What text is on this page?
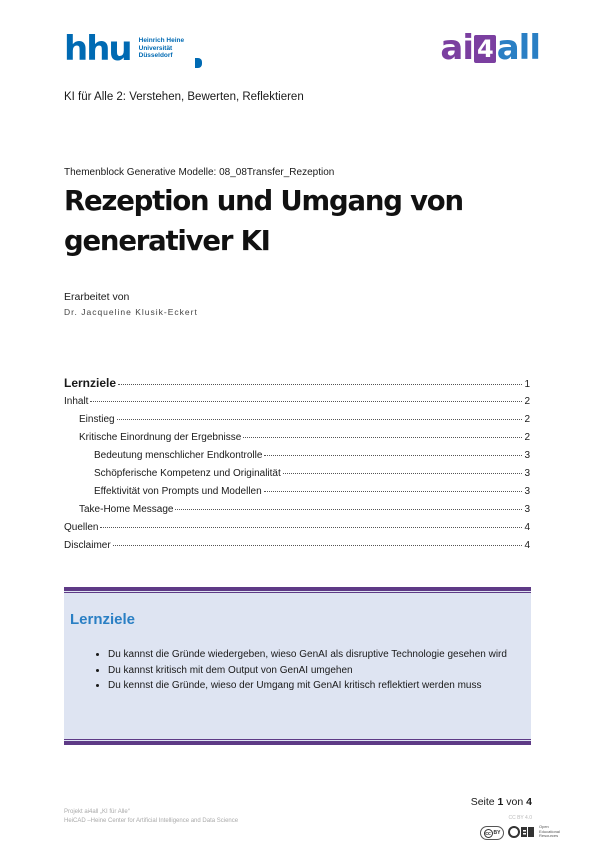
hhu Heinrich Heine
Universität
Düsseldorf	a i 4 all
KI für Alle 2: Verstehen, Bewerten, Reflektieren
Themenblock Generative Modelle: 08_08Transfer_Rezeption
Rezeption und Umgang von generativer KI
Erarbeitet von
Dr. Jacqueline Klusik-Eckert
Lernziele	1
Inhalt	2
Einstieg	2
Kritische Einordnung der Ergebnisse	2
Bedeutung menschlicher Endkontrolle	3
Schöpferische Kompetenz und Originalität	3
Effektivität von Prompts und Modellen	3
Take-Home Message	3
Quellen	4
Disclaimer	4
Lernziele
• Du kannst die Gründe wiedergeben, wieso GenAI als disruptive Technologie gesehen wird
• Du kannst kritisch mit dem Output von GenAI umgehen
• Du kennst die Gründe, wieso der Umgang mit GenAI kritisch reflektiert werden muss
Seite 1 von 4
Projekt ai4all „KI für Alle“
HeiCAD –Heine Center for Artificial Intelligence and Data Science	CC BY 4.0
cc BY
Open
Educational
Resources
